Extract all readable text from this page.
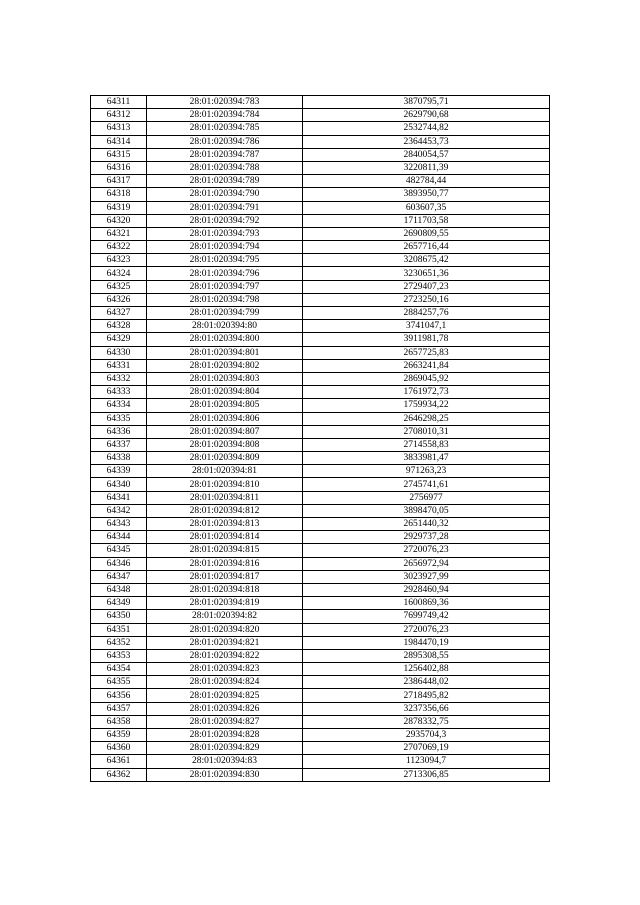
64311	28:01:020394:783	3870795,71
64312	28:01:020394:784	2629790,68
64313	28:01:020394:785	2532744,82
64314	28:01:020394:786	2364453,73
64315	28:01:020394:787	2840054,57
64316	28:01:020394:788	3220811,39
64317	28:01:020394:789	482784,44
64318	28:01:020394:790	3893950,77
64319	28:01:020394:791	603607,35
64320	28:01:020394:792	1711703,58
64321	28:01:020394:793	2690809,55
64322	28:01:020394:794	2657716,44
64323	28:01:020394:795	3208675,42
64324	28:01:020394:796	3230651,36
64325	28:01:020394:797	2729407,23
64326	28:01:020394:798	2723250,16
64327	28:01:020394:799	2884257,76
64328	28:01:020394:80	3741047,1
64329	28:01:020394:800	3911981,78
64330	28:01:020394:801	2657725,83
64331	28:01:020394:802	2663241,84
64332	28:01:020394:803	2869045,92
64333	28:01:020394:804	1761972,73
64334	28:01:020394:805	1759934,22
64335	28:01:020394:806	2646298,25
64336	28:01:020394:807	2708010,31
64337	28:01:020394:808	2714558,83
64338	28:01:020394:809	3833981,47
64339	28:01:020394:81	971263,23
64340	28:01:020394:810	2745741,61
64341	28:01:020394:811	2756977
64342	28:01:020394:812	3898470,05
64343	28:01:020394:813	2651440,32
64344	28:01:020394:814	2929737,28
64345	28:01:020394:815	2720076,23
64346	28:01:020394:816	2656972,94
64347	28:01:020394:817	3023927,99
64348	28:01:020394:818	2928460,94
64349	28:01:020394:819	1600869,36
64350	28:01:020394:82	7699749,42
64351	28:01:020394:820	2720076,23
64352	28:01:020394:821	1984470,19
64353	28:01:020394:822	2895308,55
64354	28:01:020394:823	1256402,88
64355	28:01:020394:824	2386448,02
64356	28:01:020394:825	2718495,82
64357	28:01:020394:826	3237356,66
64358	28:01:020394:827	2878332,75
64359	28:01:020394:828	2935704,3
64360	28:01:020394:829	2707069,19
64361	28:01:020394:83	1123094,7
64362	28:01:020394:830	2713306,85
